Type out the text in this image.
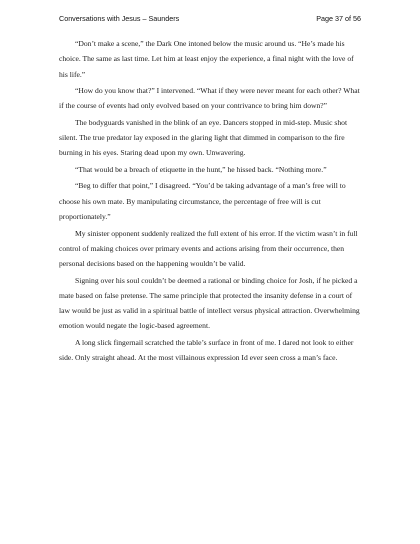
Conversations with Jesus – Saunders	Page 37 of 56

“Don’t make a scene,” the Dark One intoned below the music around us. “He’s made his choice. The same as last time. Let him at least enjoy the experience, a final night with the love of his life.”

“How do you know that?” I intervened. “What if they were never meant for each other? What if the course of events had only evolved based on your contrivance to bring him down?”

The bodyguards vanished in the blink of an eye. Dancers stopped in mid-step. Music shot silent. The true predator lay exposed in the glaring light that dimmed in comparison to the fire burning in his eyes. Staring dead upon my own. Unwavering.

“That would be a breach of etiquette in the hunt,” he hissed back. “Nothing more.”

“Beg to differ that point,” I disagreed. “You’d be taking advantage of a man’s free will to choose his own mate. By manipulating circumstance, the percentage of free will is cut proportionately.”

My sinister opponent suddenly realized the full extent of his error. If the victim wasn’t in full control of making choices over primary events and actions arising from their occurrence, then personal decisions based on the happening wouldn’t be valid.

Signing over his soul couldn’t be deemed a rational or binding choice for Josh, if he picked a mate based on false pretense. The same principle that protected the insanity defense in a court of law would be just as valid in a spiritual battle of intellect versus physical attraction. Overwhelming emotion would negate the logic-based agreement.

A long slick fingernail scratched the table’s surface in front of me. I dared not look to either side. Only straight ahead. At the most villainous expression Id ever seen cross a man’s face.
